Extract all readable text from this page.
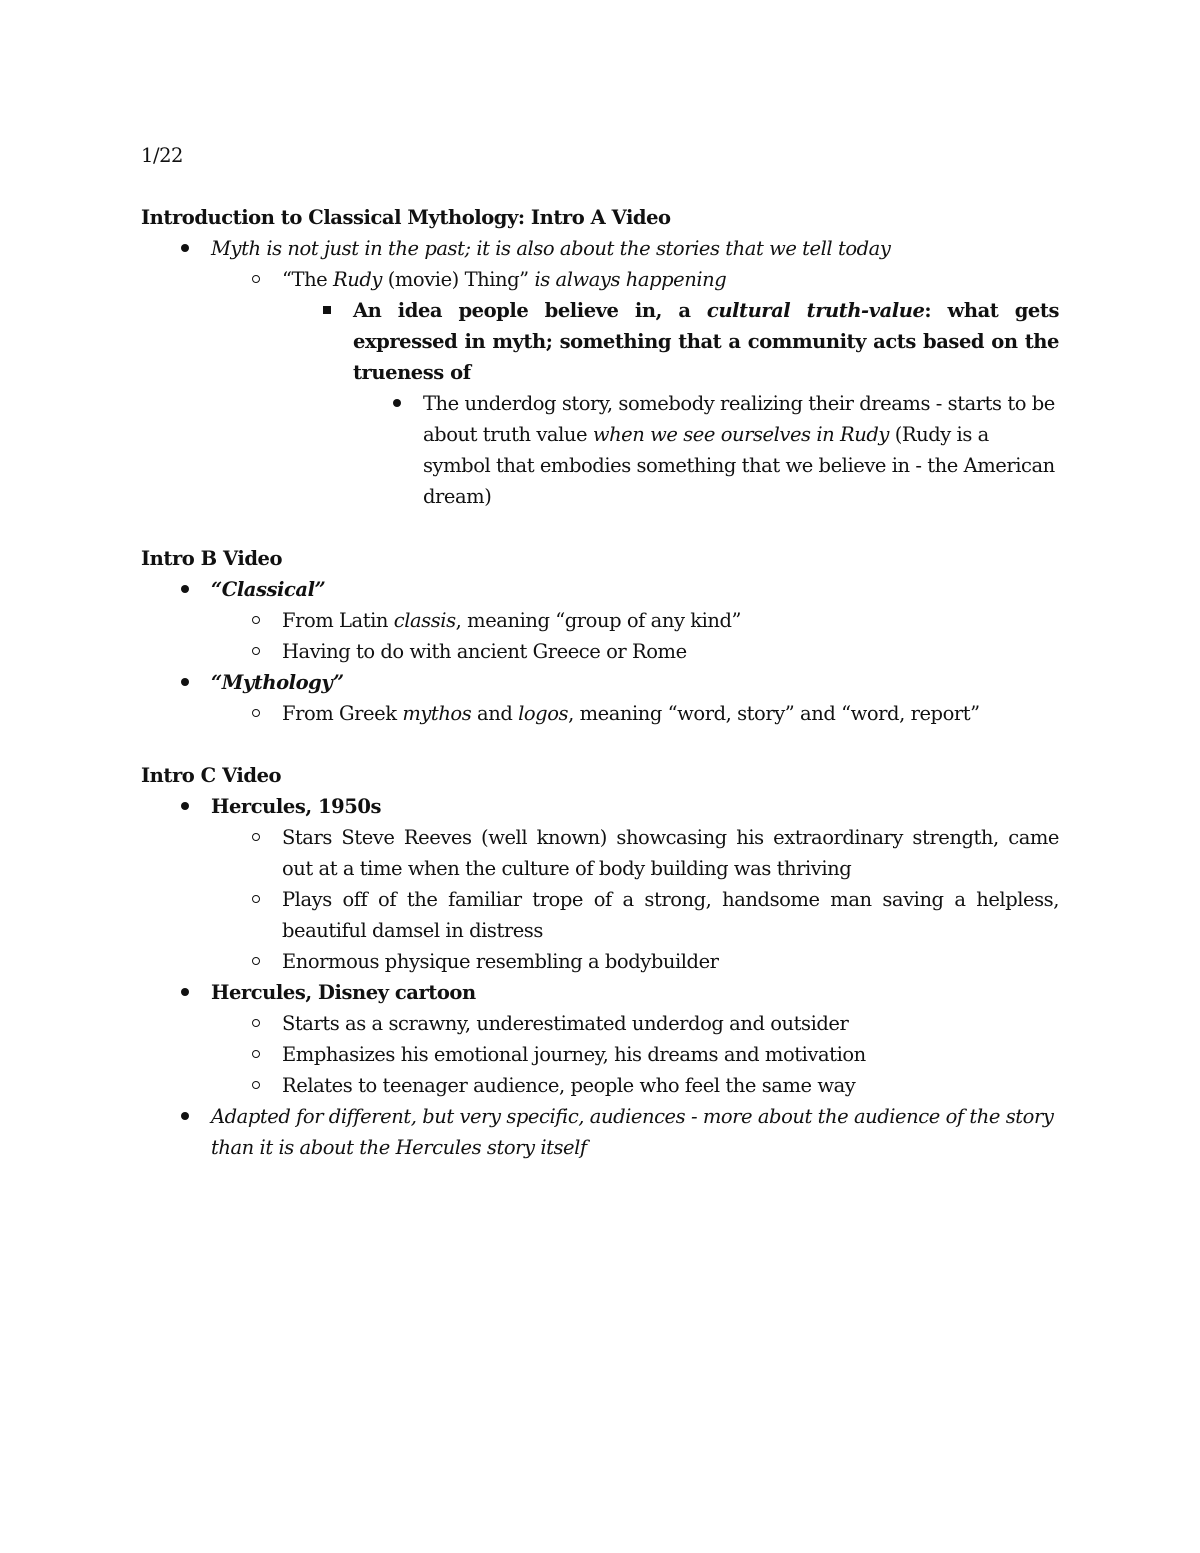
1/22

Introduction to Classical Mythology: Intro A Video

Myth is not just in the past; it is also about the stories that we tell today
“The Rudy (movie) Thing” is always happening
An idea people believe in, a cultural truth-value: what gets expressed in myth; something that a community acts based on the trueness of
The underdog story, somebody realizing their dreams - starts to be about truth value when we see ourselves in Rudy (Rudy is a symbol that embodies something that we believe in - the American dream)

Intro B Video

“Classical”
From Latin classis, meaning “group of any kind”
Having to do with ancient Greece or Rome
“Mythology”
From Greek mythos and logos, meaning “word, story” and “word, report”

Intro C Video

Hercules, 1950s
Stars Steve Reeves (well known) showcasing his extraordinary strength, came out at a time when the culture of body building was thriving
Plays off of the familiar trope of a strong, handsome man saving a helpless, beautiful damsel in distress
Enormous physique resembling a bodybuilder
Hercules, Disney cartoon
Starts as a scrawny, underestimated underdog and outsider
Emphasizes his emotional journey, his dreams and motivation
Relates to teenager audience, people who feel the same way
Adapted for different, but very specific, audiences - more about the audience of the story than it is about the Hercules story itself
